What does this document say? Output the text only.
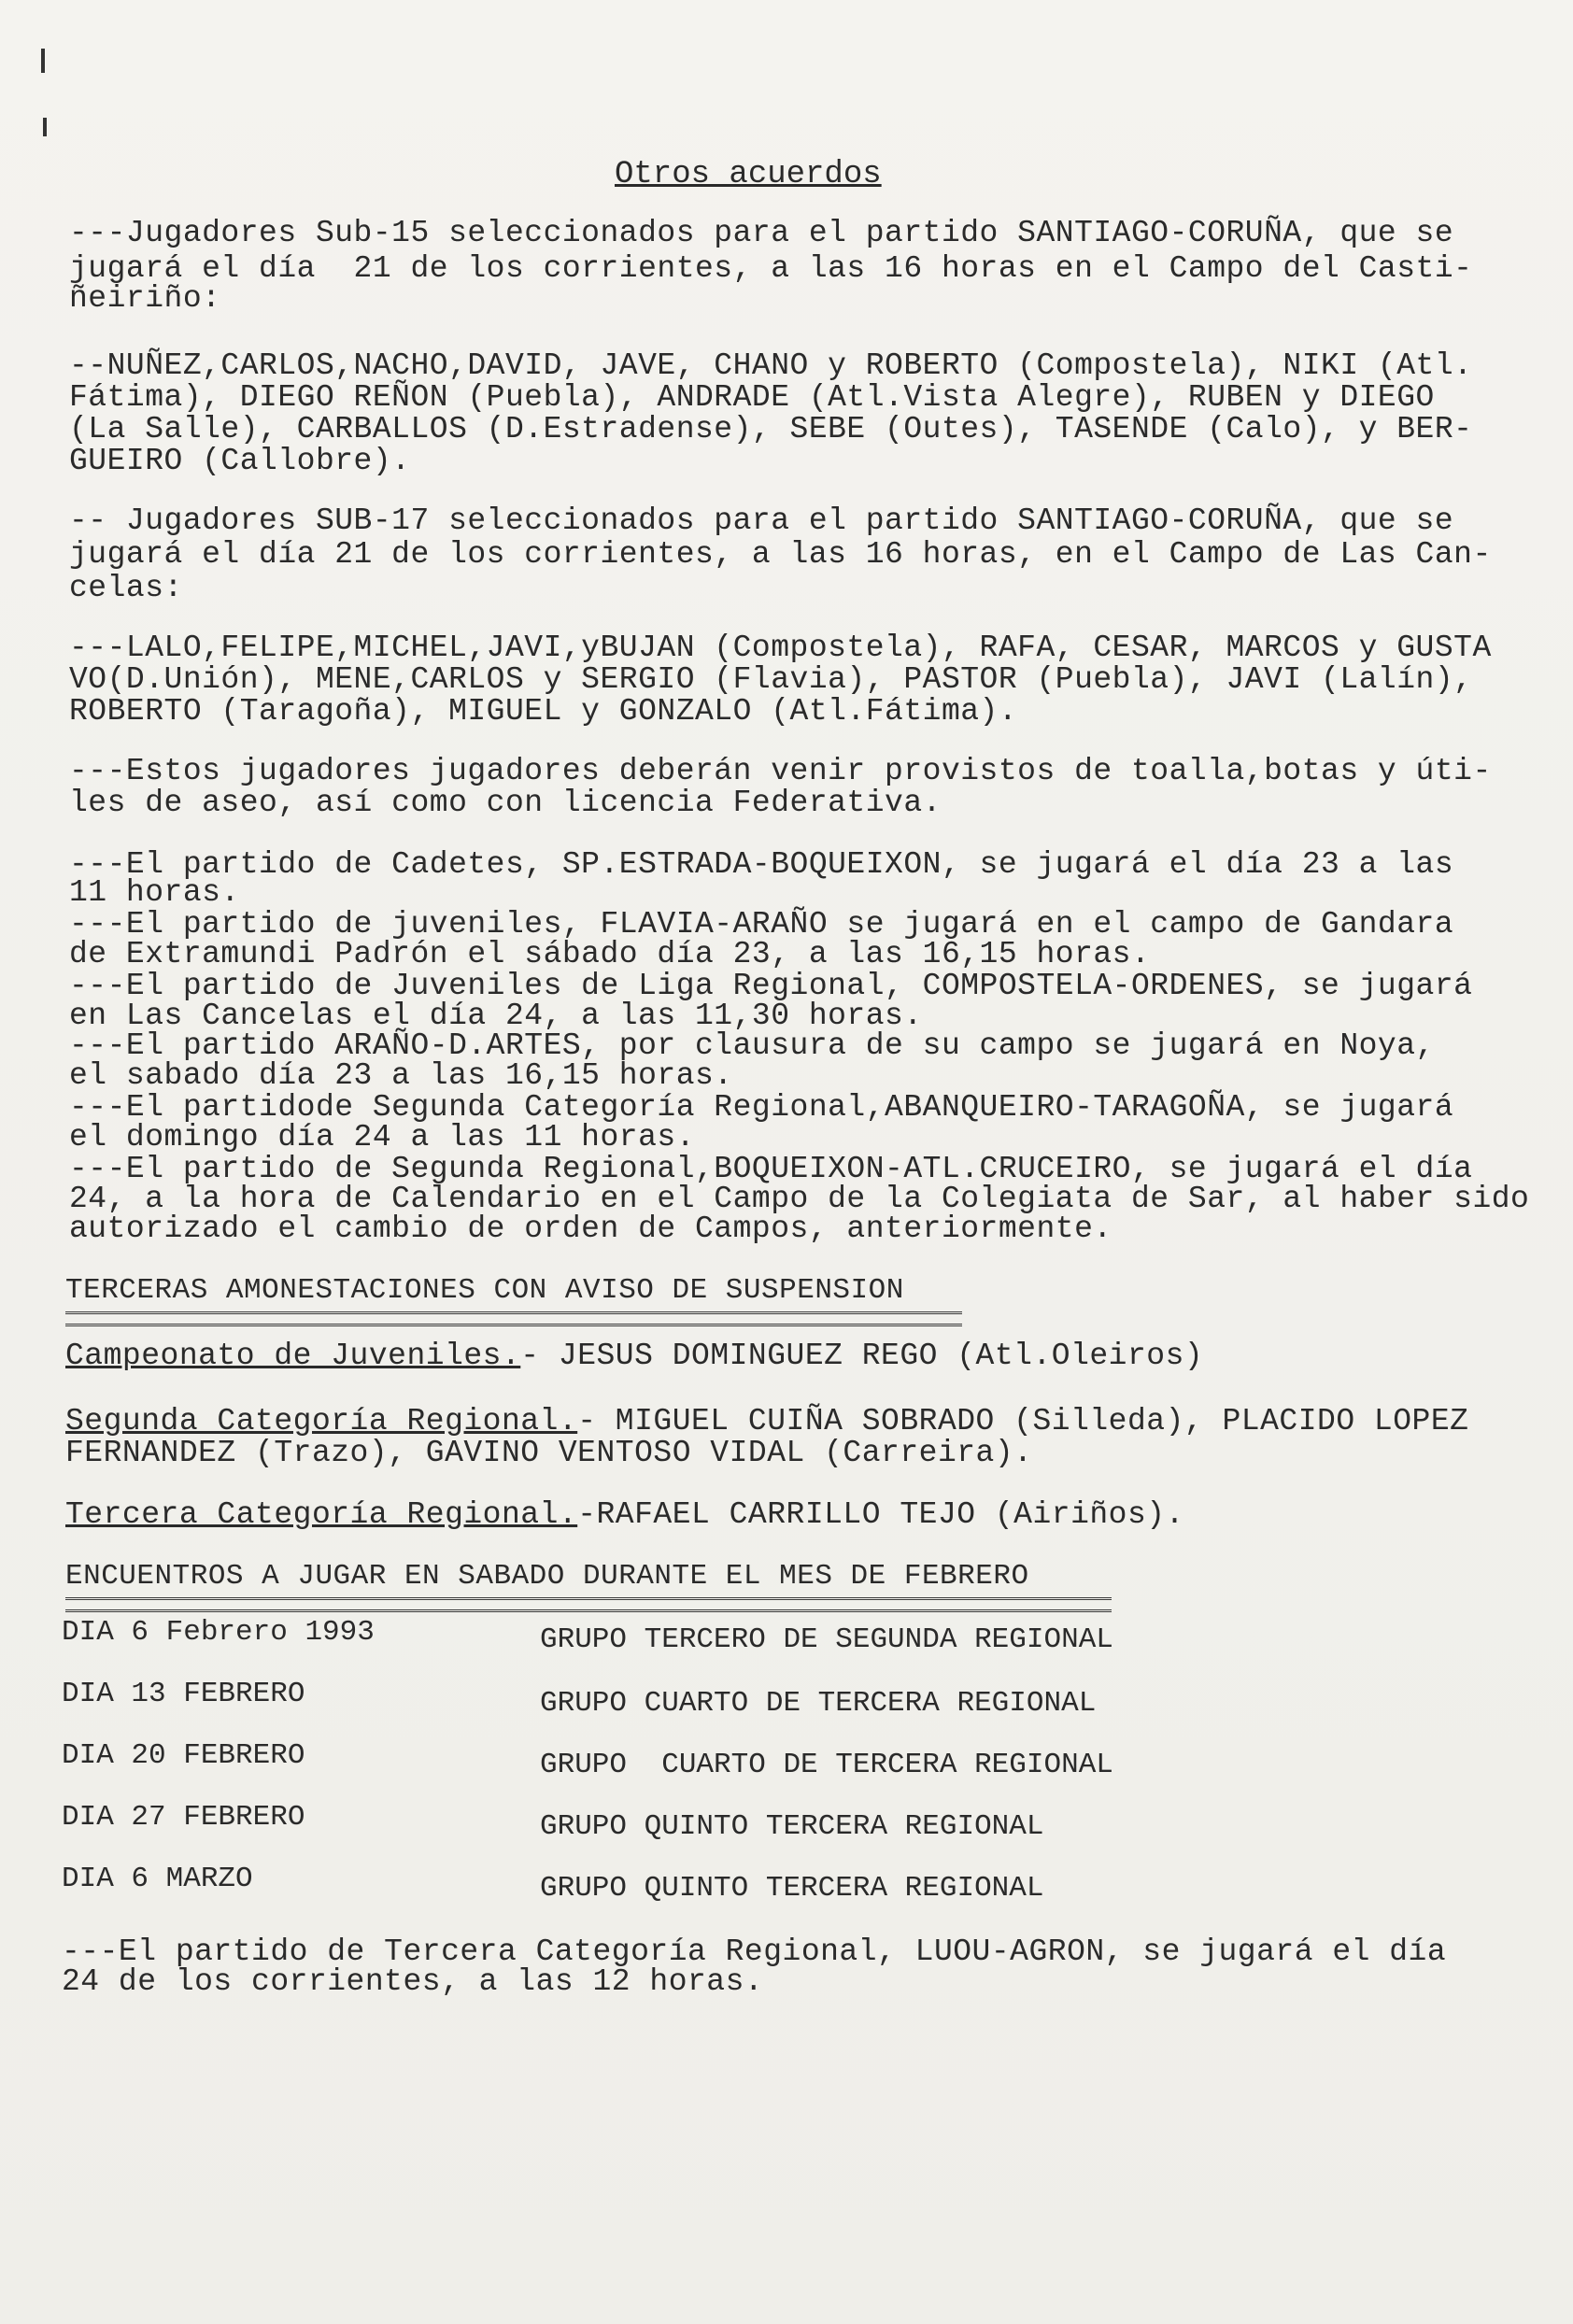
Otros acuerdos
---Jugadores Sub-15 seleccionados para el partido SANTIAGO-CORUÑA, que se
jugará el día  21 de los corrientes, a las 16 horas en el Campo del Casti-
ñeiriño:
--NUÑEZ,CARLOS,NACHO,DAVID, JAVE, CHANO y ROBERTO (Compostela), NIKI (Atl.
Fátima), DIEGO REÑON (Puebla), ANDRADE (Atl.Vista Alegre), RUBEN y DIEGO
(La Salle), CARBALLOS (D.Estradense), SEBE (Outes), TASENDE (Calo), y BER-
GUEIRO (Callobre).
-- Jugadores SUB-17 seleccionados para el partido SANTIAGO-CORUÑA, que se
jugará el día 21 de los corrientes, a las 16 horas, en el Campo de Las Can-
celas:
---LALO,FELIPE,MICHEL,JAVI,yBUJAN (Compostela), RAFA, CESAR, MARCOS y GUSTA
VO(D.Unión), MENE,CARLOS y SERGIO (Flavia), PASTOR (Puebla), JAVI (Lalín),
ROBERTO (Taragoña), MIGUEL y GONZALO (Atl.Fátima).
---Estos jugadores jugadores deberán venir provistos de toalla,botas y úti-
les de aseo, así como con licencia Federativa.
---El partido de Cadetes, SP.ESTRADA-BOQUEIXON, se jugará el día 23 a las
11 horas.
---El partido de juveniles, FLAVIA-ARAÑO se jugará en el campo de Gandara
de Extramundi Padrón el sábado día 23, a las 16,15 horas.
---El partido de Juveniles de Liga Regional, COMPOSTELA-ORDENES, se jugará
en Las Cancelas el día 24, a las 11,30 horas.
---El partido ARAÑO-D.ARTES, por clausura de su campo se jugará en Noya,
el sabado día 23 a las 16,15 horas.
---El partidode Segunda Categoría Regional,ABANQUEIRO-TARAGOÑA, se jugará
el domingo día 24 a las 11 horas.
---El partido de Segunda Regional,BOQUEIXON-ATL.CRUCEIRO, se jugará el día
24, a la hora de Calendario en el Campo de la Colegiata de Sar, al haber sido
autorizado el cambio de orden de Campos, anteriormente.
TERCERAS AMONESTACIONES CON AVISO DE SUSPENSION
Campeonato de Juveniles.- JESUS DOMINGUEZ REGO (Atl.Oleiros)
Segunda Categoría Regional.- MIGUEL CUIÑA SOBRADO (Silleda), PLACIDO LOPEZ
FERNANDEZ (Trazo), GAVINO VENTOSO VIDAL (Carreira).
Tercera Categoría Regional.-RAFAEL CARRILLO TEJO (Airiños).
ENCUENTROS A JUGAR EN SABADO DURANTE EL MES DE FEBRERO
DIA 6 Febrero 1993	GRUPO TERCERO DE SEGUNDA REGIONAL
DIA 13 FEBRERO	GRUPO CUARTO DE TERCERA REGIONAL
DIA 20 FEBRERO	GRUPO  CUARTO DE TERCERA REGIONAL
DIA 27 FEBRERO	GRUPO QUINTO TERCERA REGIONAL
DIA 6 MARZO	GRUPO QUINTO TERCERA REGIONAL
---El partido de Tercera Categoría Regional, LUOU-AGRON, se jugará el día
24 de los corrientes, a las 12 horas.
